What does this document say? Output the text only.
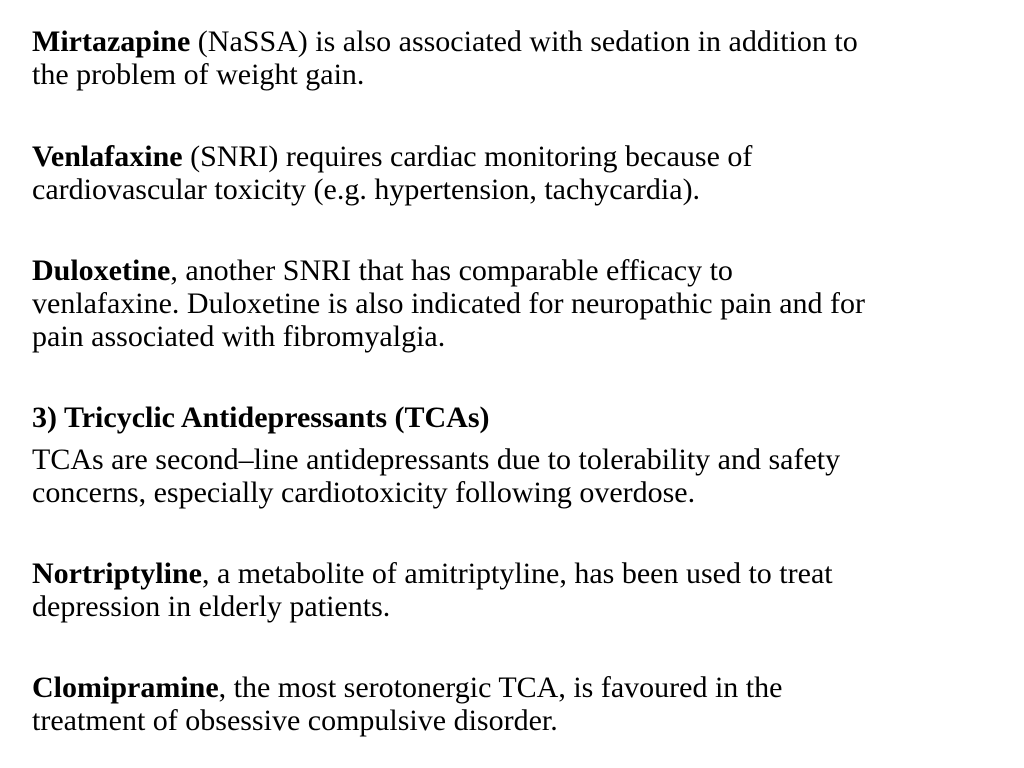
Mirtazapine (NaSSA) is also associated with sedation in addition to
the problem of weight gain.

Venlafaxine (SNRI) requires cardiac monitoring because of
cardiovascular toxicity (e.g. hypertension, tachycardia).

Duloxetine, another SNRI that has comparable efficacy to
venlafaxine. Duloxetine is also indicated for neuropathic pain and for
pain associated with fibromyalgia.

3) Tricyclic Antidepressants (TCAs)

TCAs are second–line antidepressants due to tolerability and safety
concerns, especially cardiotoxicity following overdose.

Nortriptyline, a metabolite of amitriptyline, has been used to treat
depression in elderly patients.

Clomipramine, the most serotonergic TCA, is favoured in the
treatment of obsessive compulsive disorder.
